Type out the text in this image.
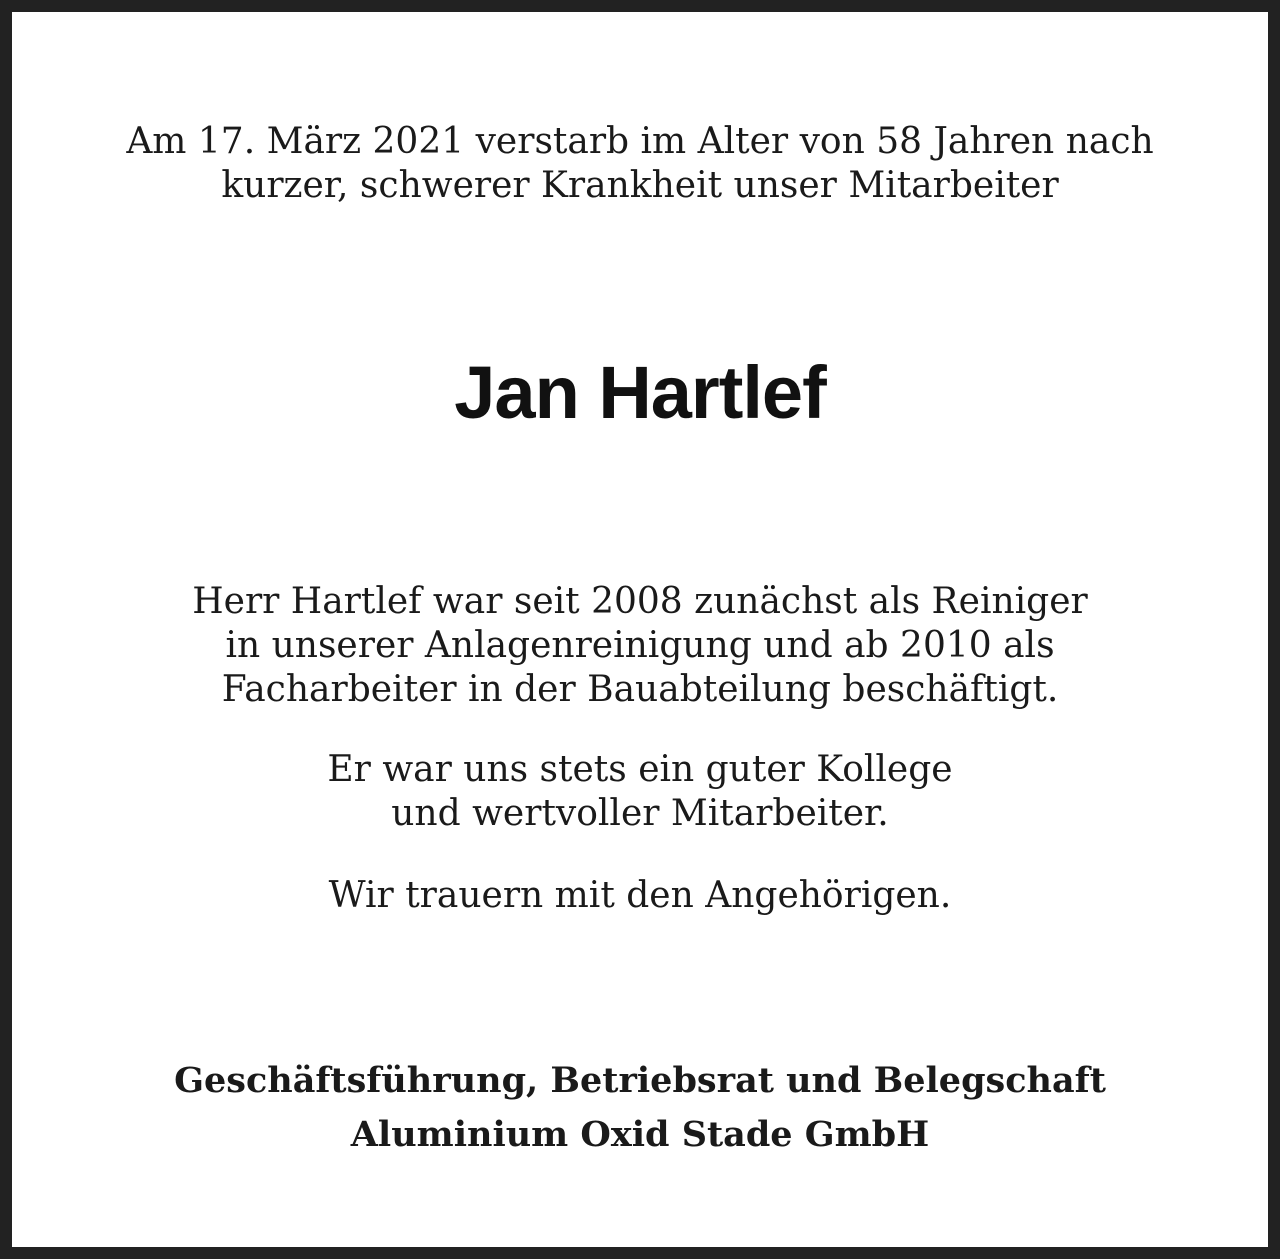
Am 17. März 2021 verstarb im Alter von 58 Jahren nach
kurzer, schwerer Krankheit unser Mitarbeiter
Jan Hartlef
Herr Hartlef war seit 2008 zunächst als Reiniger
in unserer Anlagenreinigung und ab 2010 als
Facharbeiter in der Bauabteilung beschäftigt.
Er war uns stets ein guter Kollege
und wertvoller Mitarbeiter.
Wir trauern mit den Angehörigen.
Geschäftsführung, Betriebsrat und Belegschaft
Aluminium Oxid Stade GmbH
